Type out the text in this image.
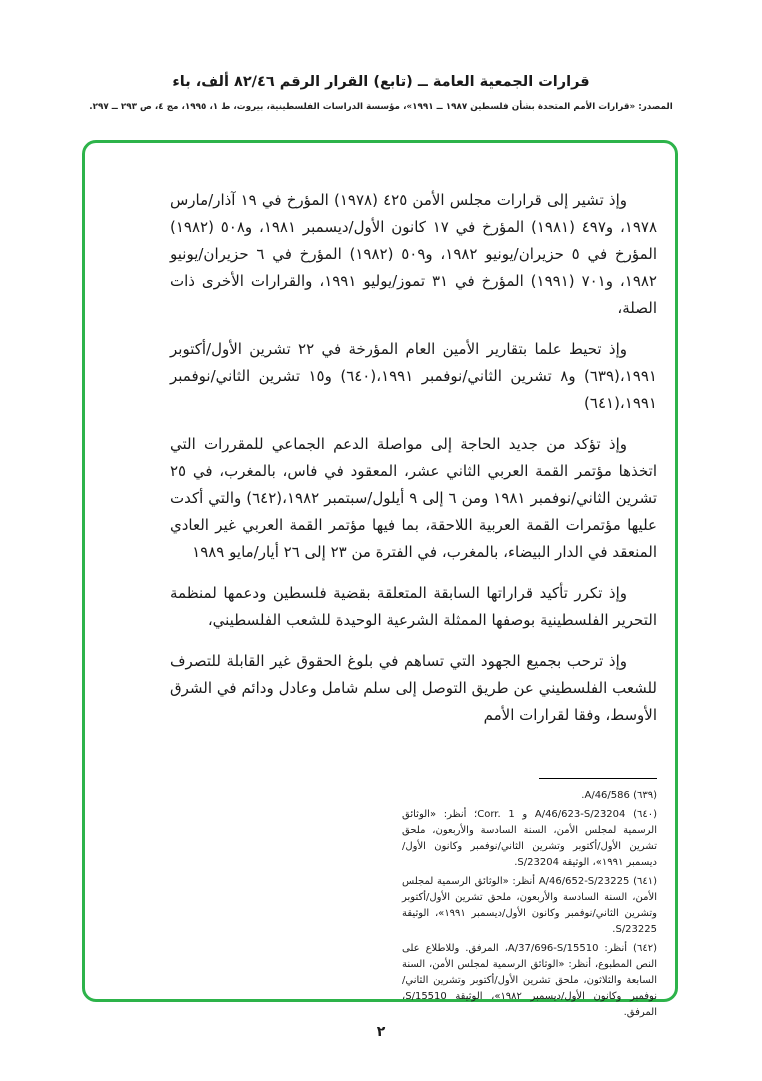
قرارات الجمعية العامة ــ (تابع) القرار الرقم ٨٢/٤٦ ألف، باء
المصدر: «قرارات الأمم المتحدة بشأن فلسطين ١٩٨٧ ــ ١٩٩١»، مؤسسة الدراسات الفلسطينية، بيروت، ط ١، ١٩٩٥، مج ٤، ص ٢٩٣ ــ ٢٩٧.

وإذ تشير إلى قرارات مجلس الأمن ٤٢٥ (١٩٧٨) المؤرخ في ١٩ آذار/مارس ١٩٧٨، و٤٩٧ (١٩٨١) المؤرخ في ١٧ كانون الأول/ديسمبر ١٩٨١، و٥٠٨ (١٩٨٢) المؤرخ في ٥ حزيران/يونيو ١٩٨٢، و٥٠٩ (١٩٨٢) المؤرخ في ٦ حزيران/يونيو ١٩٨٢، و٧٠١ (١٩٩١) المؤرخ في ٣١ تموز/يوليو ١٩٩١، والقرارات الأخرى ذات الصلة،

وإذ تحيط علما بتقارير الأمين العام المؤرخة في ٢٢ تشرين الأول/أكتوبر ١٩٩١،(٦٣٩) و٨ تشرين الثاني/نوفمبر ١٩٩١،(٦٤٠) و١٥ تشرين الثاني/نوفمبر ١٩٩١،(٦٤١)

وإذ تؤكد من جديد الحاجة إلى مواصلة الدعم الجماعي للمقررات التي اتخذها مؤتمر القمة العربي الثاني عشر، المعقود في فاس، بالمغرب، في ٢٥ تشرين الثاني/نوفمبر ١٩٨١ ومن ٦ إلى ٩ أيلول/سبتمبر ١٩٨٢،(٦٤٢) والتي أكدت عليها مؤتمرات القمة العربية اللاحقة، بما فيها مؤتمر القمة العربي غير العادي المنعقد في الدار البيضاء، بالمغرب، في الفترة من ٢٣ إلى ٢٦ أيار/مايو ١٩٨٩

وإذ تكرر تأكيد قراراتها السابقة المتعلقة بقضية فلسطين ودعمها لمنظمة التحرير الفلسطينية بوصفها الممثلة الشرعية الوحيدة للشعب الفلسطيني،

وإذ ترحب بجميع الجهود التي تساهم في بلوغ الحقوق غير القابلة للتصرف للشعب الفلسطيني عن طريق التوصل إلى سلم شامل وعادل ودائم في الشرق الأوسط، وفقا لقرارات الأمم

(٦٣٩) A/46/586.

(٦٤٠) A/46/623-S/23204 و Corr. 1؛ أنظر: «الوثائق الرسمية لمجلس الأمن، السنة السادسة والأربعون، ملحق تشرين الأول/أكتوبر وتشرين الثاني/نوفمبر وكانون الأول/ديسمبر ١٩٩١»، الوثيقة S/23204.

(٦٤١) A/46/652-S/23225 أنظر: «الوثائق الرسمية لمجلس الأمن، السنة السادسة والأربعون، ملحق تشرين الأول/أكتوبر وتشرين الثاني/نوفمبر وكانون الأول/ديسمبر ١٩٩١»، الوثيقة S/23225.

(٦٤٢) أنظر: A/37/696-S/15510، المرفق. وللاطلاع على النص المطبوع، أنظر: «الوثائق الرسمية لمجلس الأمن، السنة السابعة والثلاثون، ملحق تشرين الأول/أكتوبر وتشرين الثاني/نوفمبر وكانون الأول/ديسمبر ١٩٨٢»، الوثيقة S/15510، المرفق.

٢
